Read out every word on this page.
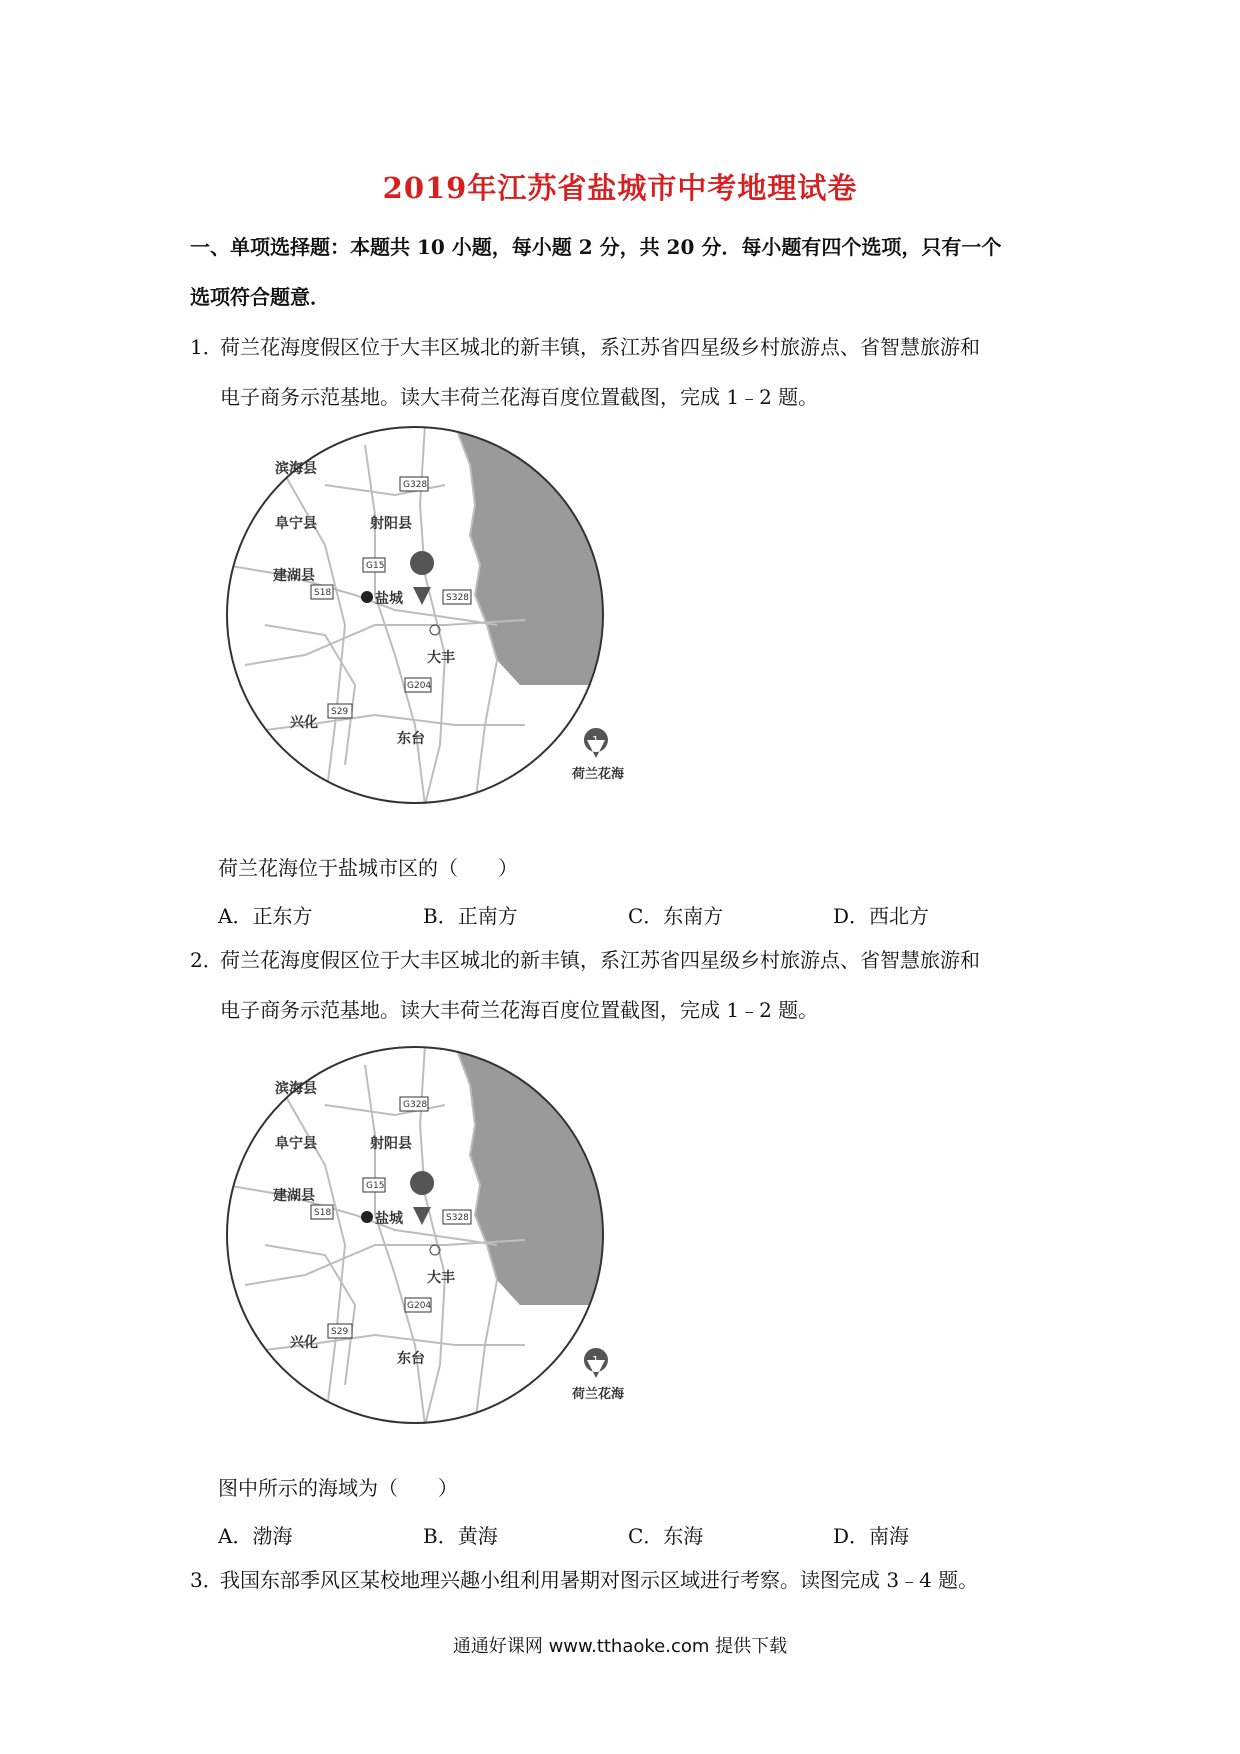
2019年江苏省盐城市中考地理试卷
一、单项选择题：本题共 10 小题，每小题 2 分，共 20 分．每小题有四个选项，只有一个
选项符合题意．
1．荷兰花海度假区位于大丰区城北的新丰镇，系江苏省四星级乡村旅游点、省智慧旅游和
电子商务示范基地。读大丰荷兰花海百度位置截图，完成 1﹣2 题。
滨海县
阜宁县	射阳县
建湖县
盐城
大丰
兴化
东台
1
G328
G15
S328
S18
G204
S29
1
荷兰花海
荷兰花海位于盐城市区的（　　）
A．正东方	B．正南方	C．东南方	D．西北方
2．荷兰花海度假区位于大丰区城北的新丰镇，系江苏省四星级乡村旅游点、省智慧旅游和
电子商务示范基地。读大丰荷兰花海百度位置截图，完成 1﹣2 题。
滨海县
阜宁县	射阳县
建湖县
盐城
大丰
兴化
东台
1
G328
G15
S328
S18
G204
S29
1
荷兰花海
图中所示的海域为（　　）
A．渤海	B．黄海	C．东海	D．南海
3．我国东部季风区某校地理兴趣小组利用暑期对图示区域进行考察。读图完成 3﹣4 题。
通通好课网 www.tthaoke.com 提供下载
